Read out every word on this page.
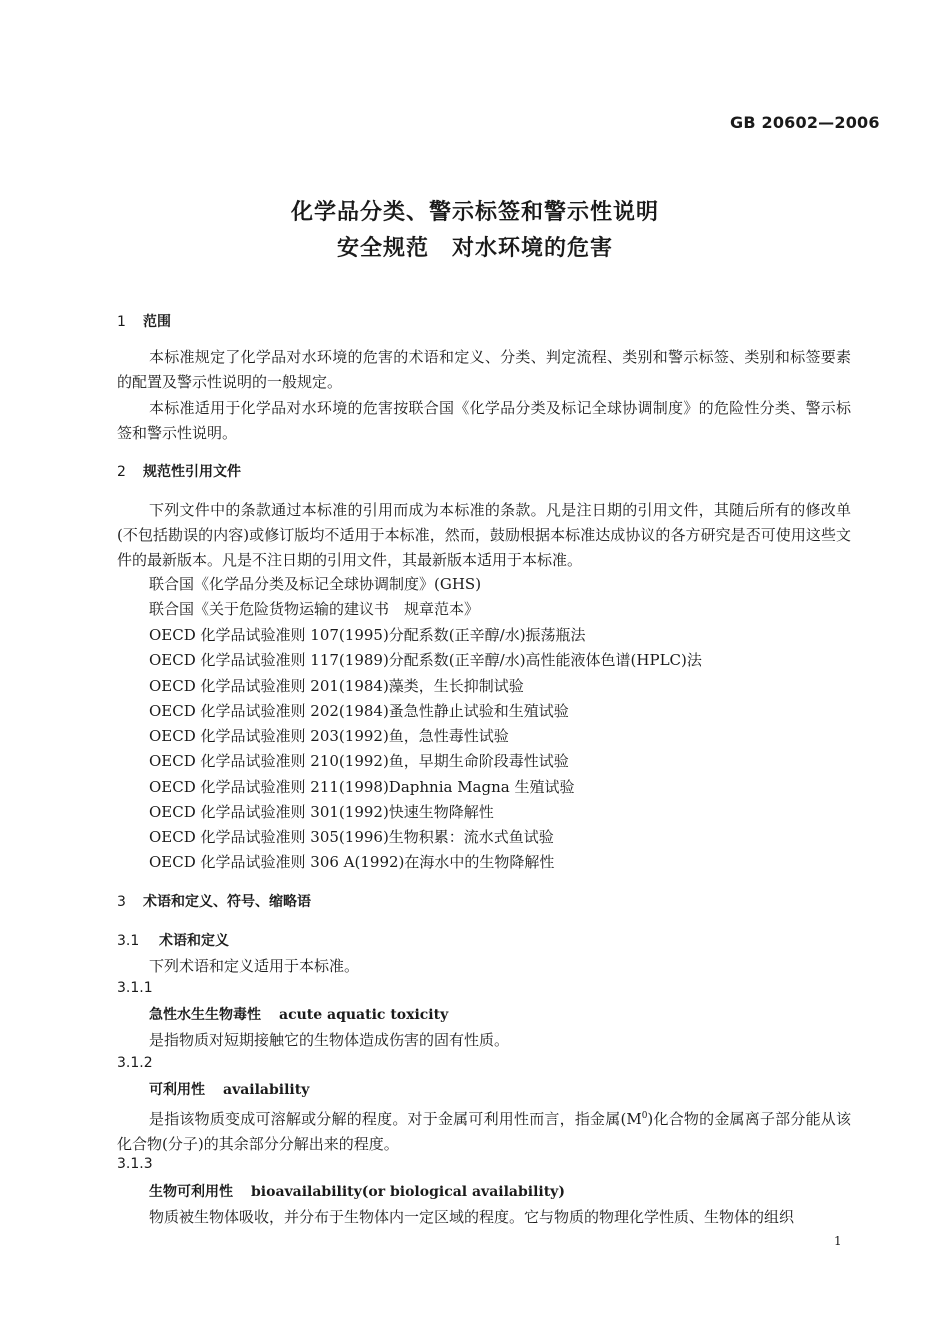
GB 20602—2006
化学品分类、警示标签和警示性说明
安全规范　对水环境的危害
1 范围
本标准规定了化学品对水环境的危害的术语和定义、分类、判定流程、类别和警示标签、类别和标签要素的配置及警示性说明的一般规定。
本标准适用于化学品对水环境的危害按联合国《化学品分类及标记全球协调制度》的危险性分类、警示标签和警示性说明。
2 规范性引用文件
下列文件中的条款通过本标准的引用而成为本标准的条款。凡是注日期的引用文件，其随后所有的修改单(不包括勘误的内容)或修订版均不适用于本标准，然而，鼓励根据本标准达成协议的各方研究是否可使用这些文件的最新版本。凡是不注日期的引用文件，其最新版本适用于本标准。
联合国《化学品分类及标记全球协调制度》(GHS)
联合国《关于危险货物运输的建议书　规章范本》
OECD 化学品试验准则 107(1995)分配系数(正辛醇/水)振荡瓶法
OECD 化学品试验准则 117(1989)分配系数(正辛醇/水)高性能液体色谱(HPLC)法
OECD 化学品试验准则 201(1984)藻类，生长抑制试验
OECD 化学品试验准则 202(1984)蚤急性静止试验和生殖试验
OECD 化学品试验准则 203(1992)鱼，急性毒性试验
OECD 化学品试验准则 210(1992)鱼，早期生命阶段毒性试验
OECD 化学品试验准则 211(1998)Daphnia Magna 生殖试验
OECD 化学品试验准则 301(1992)快速生物降解性
OECD 化学品试验准则 305(1996)生物积累：流水式鱼试验
OECD 化学品试验准则 306 A(1992)在海水中的生物降解性
3 术语和定义、符号、缩略语
3.1 术语和定义
下列术语和定义适用于本标准。
3.1.1
急性水生生物毒性 acute aquatic toxicity
是指物质对短期接触它的生物体造成伤害的固有性质。
3.1.2
可利用性 availability
是指该物质变成可溶解或分解的程度。对于金属可利用性而言，指金属$(M^0)$化合物的金属离子部分能从该化合物(分子)的其余部分分解出来的程度。
3.1.3
生物可利用性 bioavailability(or biological availability)
物质被生物体吸收，并分布于生物体内一定区域的程度。它与物质的物理化学性质、生物体的组织
1
